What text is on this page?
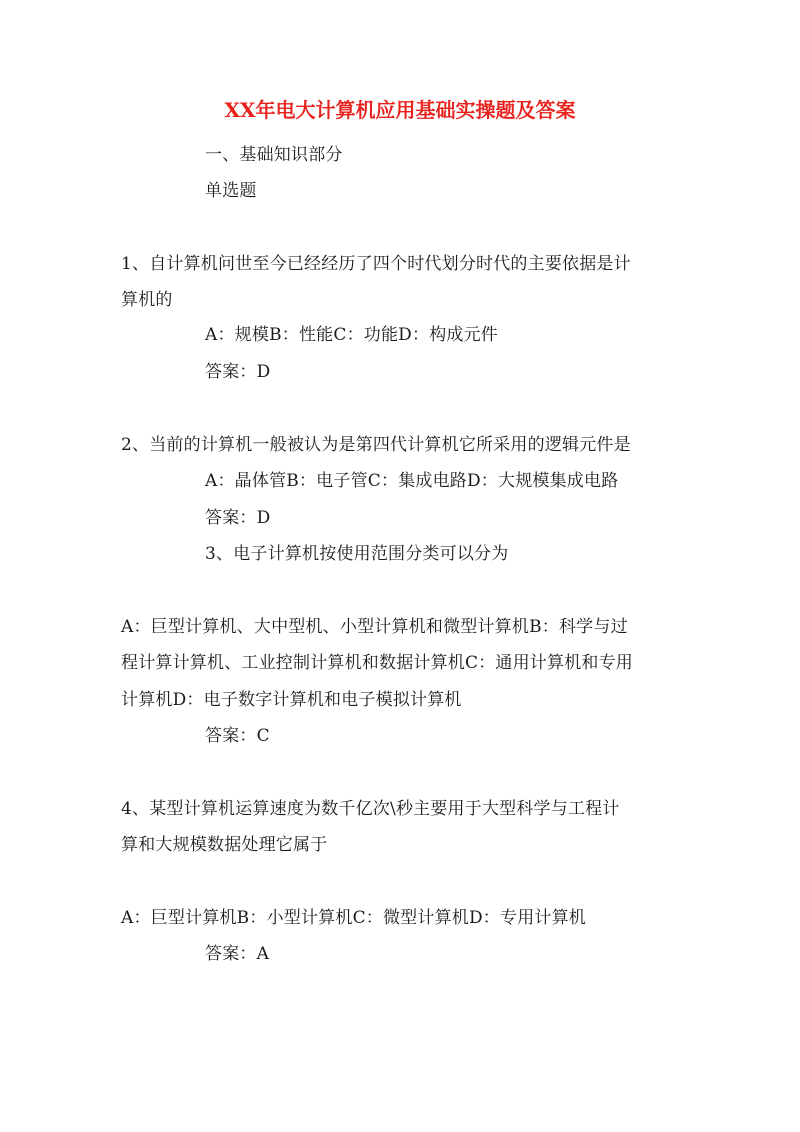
XX年电大计算机应用基础实操题及答案
一、基础知识部分
单选题
1、自计算机问世至今已经经历了四个时代划分时代的主要依据是计
算机的
A：规模B：性能C：功能D：构成元件
答案：D
2、当前的计算机一般被认为是第四代计算机它所采用的逻辑元件是
A：晶体管B：电子管C：集成电路D：大规模集成电路
答案：D
3、电子计算机按使用范围分类可以分为
A：巨型计算机、大中型机、小型计算机和微型计算机B：科学与过
程计算计算机、工业控制计算机和数据计算机C：通用计算机和专用
计算机D：电子数字计算机和电子模拟计算机
答案：C
4、某型计算机运算速度为数千亿次\秒主要用于大型科学与工程计
算和大规模数据处理它属于
A：巨型计算机B：小型计算机C：微型计算机D：专用计算机
答案：A
